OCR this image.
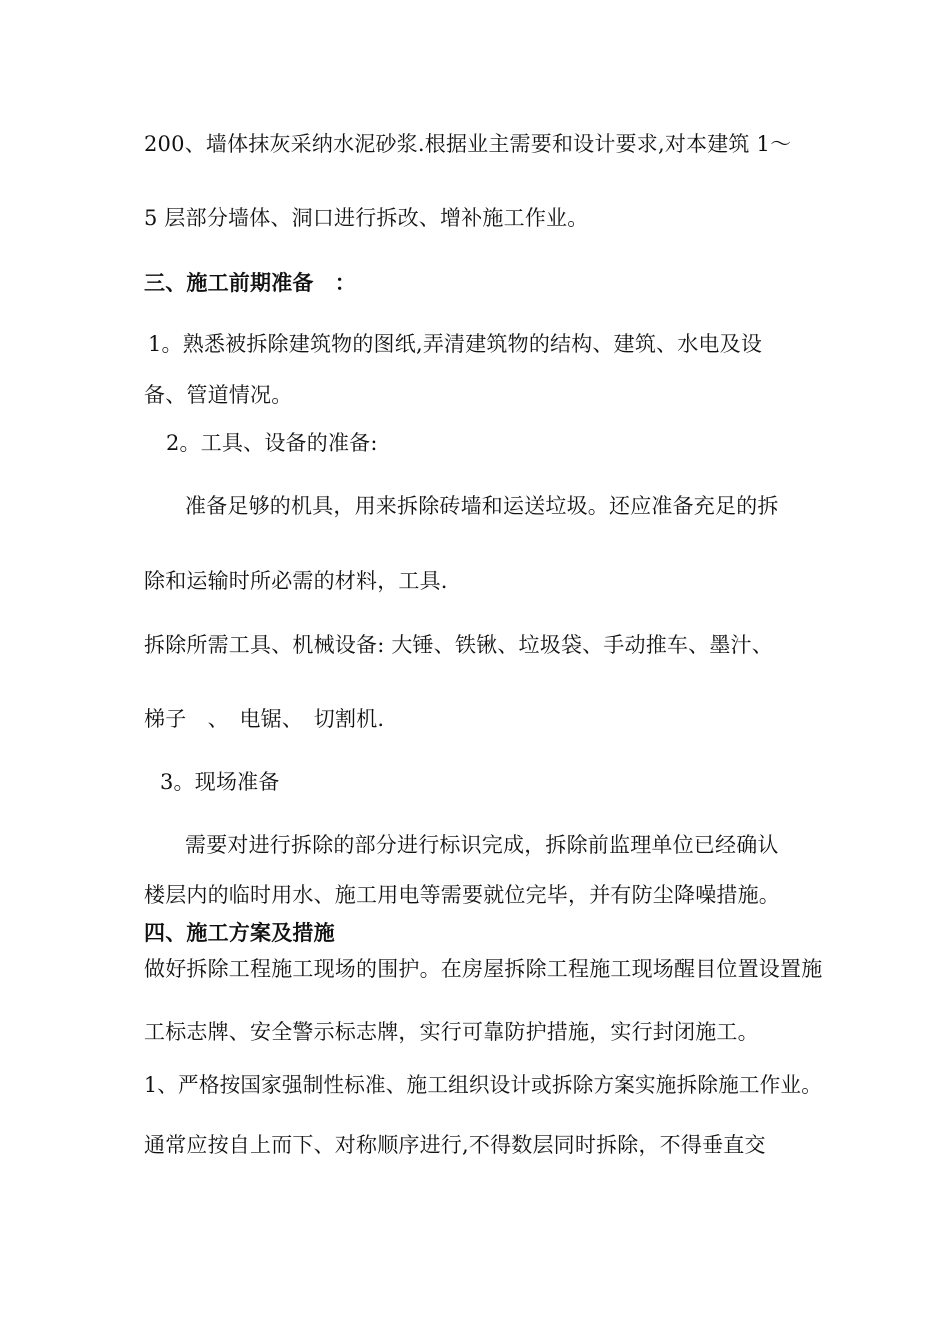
200、墙体抹灰采纳水泥砂浆.根据业主需要和设计要求,对本建筑 1～

5 层部分墙体、洞口进行拆改、增补施工作业。

三、施工前期准备　：

1。熟悉被拆除建筑物的图纸,弄清建筑物的结构、建筑、水电及设

备、管道情况。

2。工具、设备的准备:

准备足够的机具，用来拆除砖墙和运送垃圾。还应准备充足的拆

除和运输时所必需的材料，工具.

拆除所需工具、机械设备: 大锤、铁锹、垃圾袋、手动推车、墨汁、

梯子　、　电锯、　切割机.

3。现场准备

需要对进行拆除的部分进行标识完成，拆除前监理单位已经确认

楼层内的临时用水、施工用电等需要就位完毕，并有防尘降噪措施。

四、施工方案及措施

做好拆除工程施工现场的围护。在房屋拆除工程施工现场醒目位置设置施

工标志牌、安全警示标志牌，实行可靠防护措施，实行封闭施工。

1、严格按国家强制性标准、施工组织设计或拆除方案实施拆除施工作业。

通常应按自上而下、对称顺序进行,不得数层同时拆除，不得垂直交
